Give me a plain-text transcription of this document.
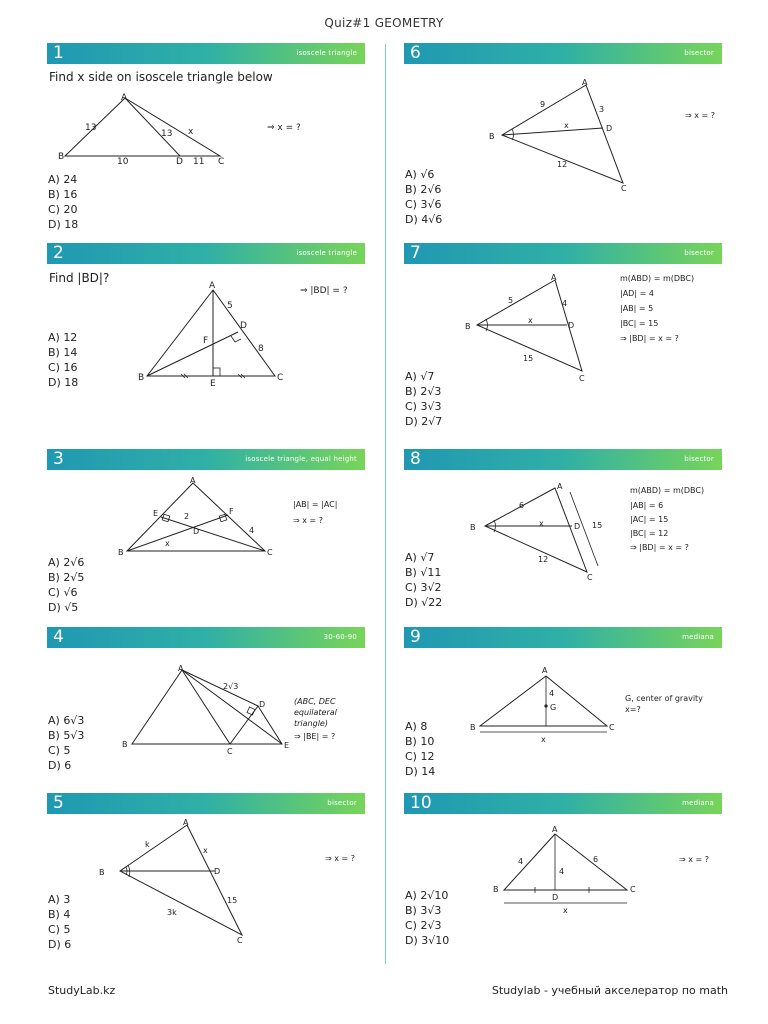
Quiz#1 GEOMETRY
1	isoscele triangle
Find x side on isoscele triangle below
A
B	C
D
13
13 x
10	11
⇒ x = ?
A) 24
B) 16
C) 20
D) 18
2	isoscele triangle
Find |BD|?
A
B	C
D
E
F
5
8
⇒ |BD| = ?
A) 12
B) 14
C) 16
D) 18
3	isoscele triangle, equal height
A
B	C
D
E	F
2
4
x
|AB| = |AC|
⇒ x = ?
A) 2√6
B) 2√5
C) √6
D) √5
4	30-60-90
A
B
C
D
E
2√3
(ABC, DEC
equilateral
triangle)
⇒ |BE| = ?
A) 6√3
B) 5√3
C) 5
D) 6
5	bisector
A
B
C
D
k
x
15
3k
⇒ x = ?
A) 3
B) 4
C) 5
D) 6
6	bisector
A
B
C
D
9
3
x
12
⇒ x = ?
A) √6
B) 2√6
C) 3√6
D) 4√6
7	bisector
A
B
C
D
5	4
x
15
m(ABD) = m(DBC)
|AD| = 4
|AB| = 5
|BC| = 15
⇒ |BD| = x = ?
A) √7
B) 2√3
C) 3√3
D) 2√7
8	bisector
A
B
C
D
6
x
12
15
m(ABD) = m(DBC)
|AB| = 6
|AC| = 15
|BC| = 12
⇒ |BD| = x = ?
A) √7
B) √11
C) 3√2
D) √22
9	mediana
A
B	C
G
4
x
G, center of gravity
x=?
A) 8
B) 10
C) 12
D) 14
10	mediana
A
B	C
D
4
4
6
x
⇒ x = ?
A) 2√10
B) 3√3
C) 2√3
D) 3√10
StudyLab.kz	Studylab - учебный акселератор по math
